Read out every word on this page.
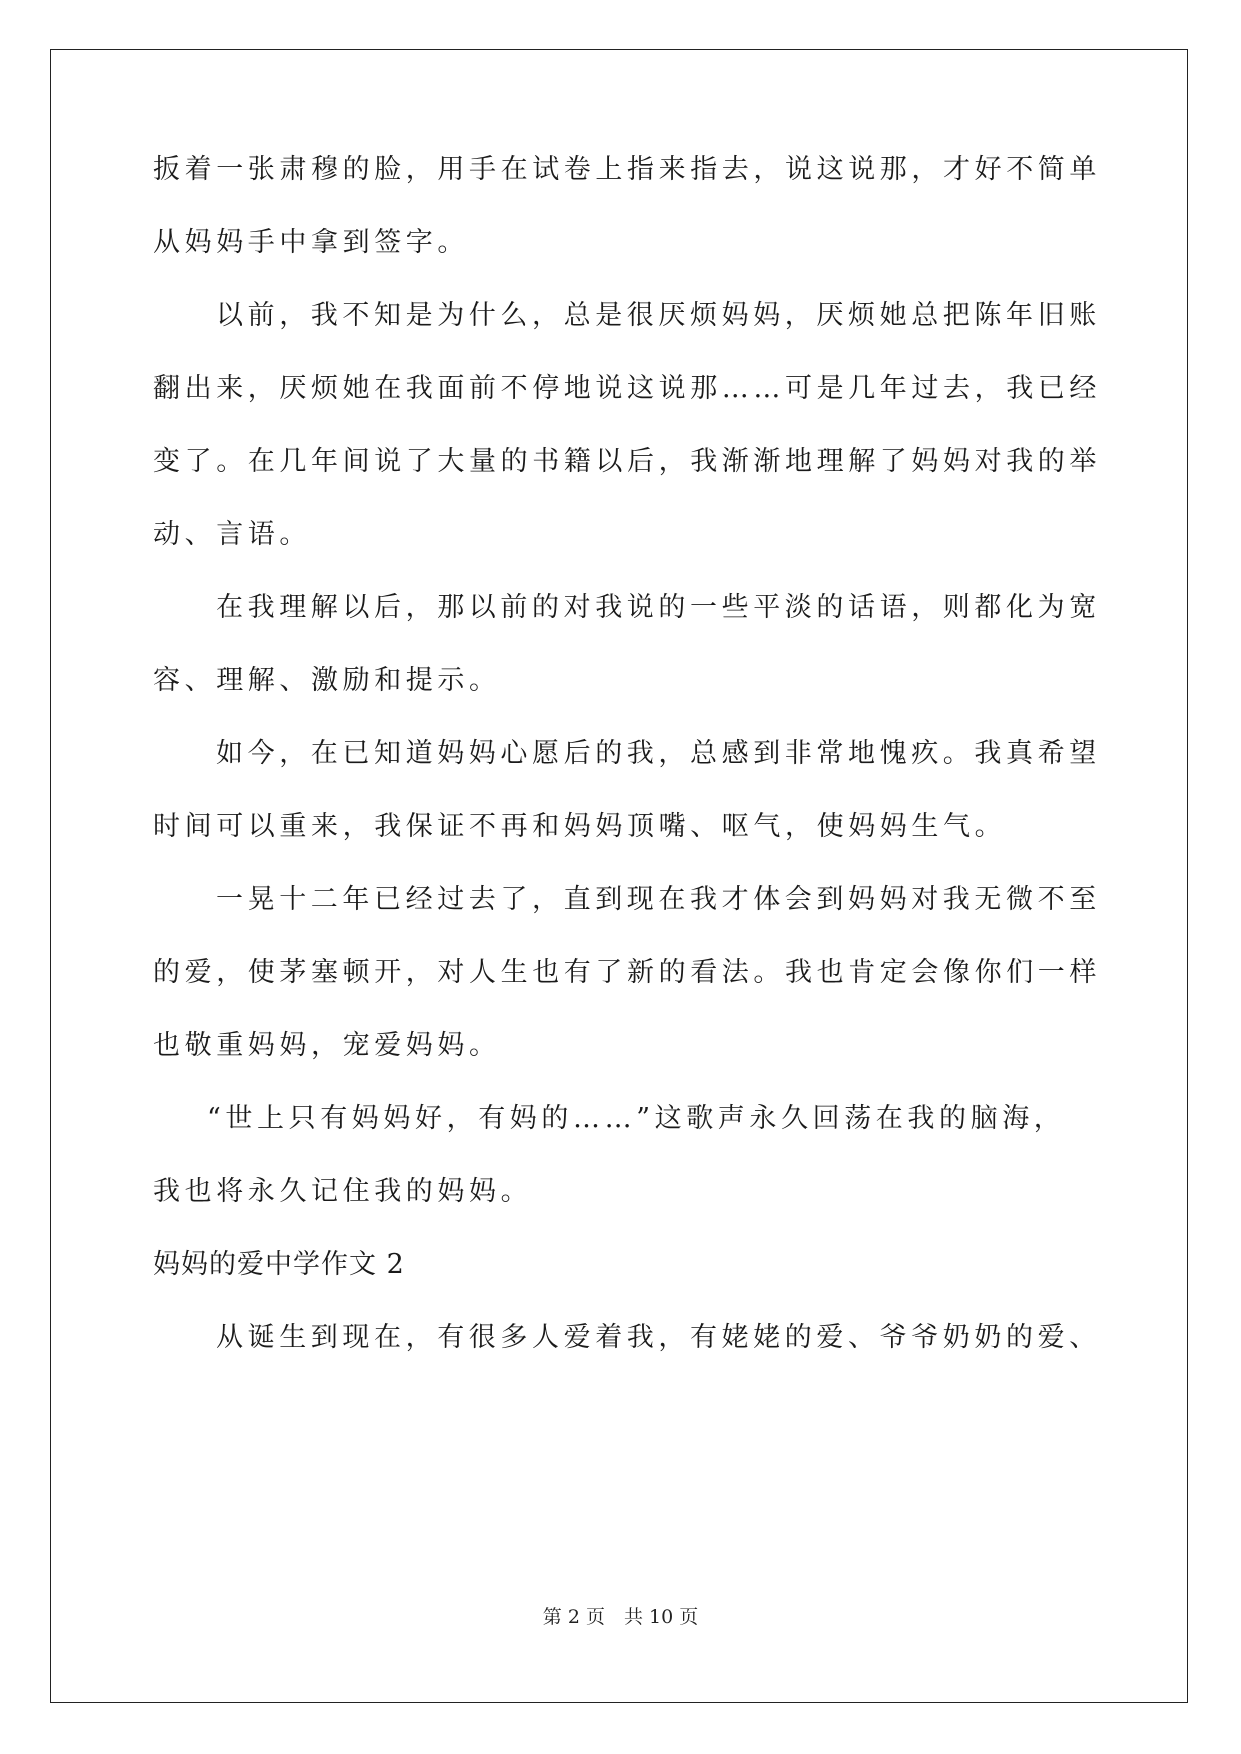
扳着一张肃穆的脸，用手在试卷上指来指去，说这说那，才好不简单

从妈妈手中拿到签字。

以前，我不知是为什么，总是很厌烦妈妈，厌烦她总把陈年旧账

翻出来，厌烦她在我面前不停地说这说那……可是几年过去，我已经

变了。在几年间说了大量的书籍以后，我渐渐地理解了妈妈对我的举

动、言语。

在我理解以后，那以前的对我说的一些平淡的话语，则都化为宽

容、理解、激励和提示。

如今，在已知道妈妈心愿后的我，总感到非常地愧疚。我真希望

时间可以重来，我保证不再和妈妈顶嘴、呕气，使妈妈生气。

一晃十二年已经过去了，直到现在我才体会到妈妈对我无微不至

的爱，使茅塞顿开，对人生也有了新的看法。我也肯定会像你们一样

也敬重妈妈，宠爱妈妈。

“世上只有妈妈好，有妈的……”这歌声永久回荡在我的脑海，

我也将永久记住我的妈妈。

妈妈的爱中学作文 2

从诞生到现在，有很多人爱着我，有姥姥的爱、爷爷奶奶的爱、

第 2 页　共 10 页
